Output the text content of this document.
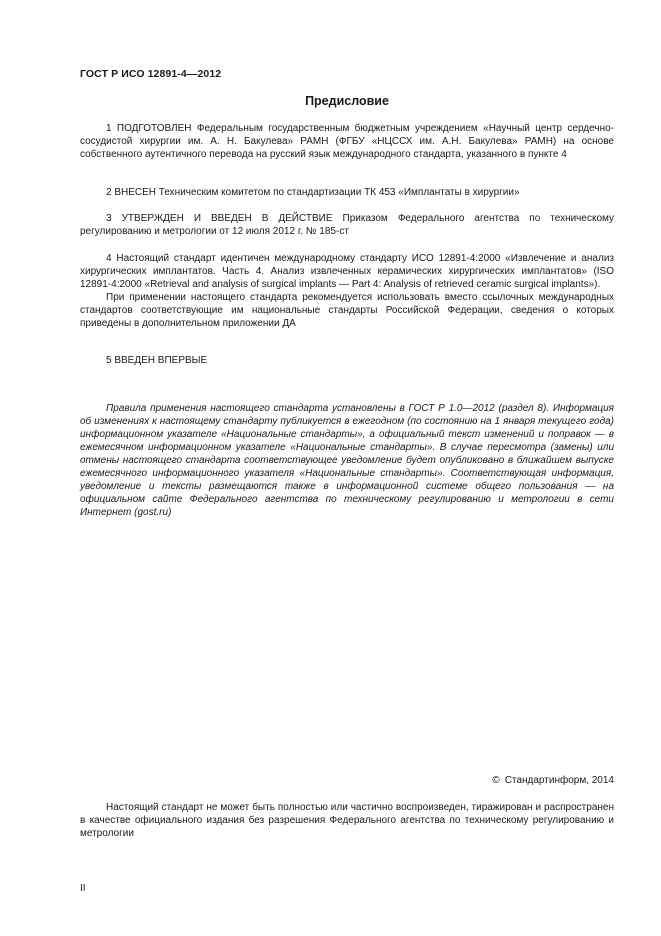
ГОСТ Р ИСО 12891-4—2012
Предисловие

1 ПОДГОТОВЛЕН Федеральным государственным бюджетным учреждением «Научный центр сердечно-сосудистой хирургии им. А. Н. Бакулева» РАМН (ФГБУ «НЦССХ им. А.Н. Бакулева» РАМН) на основе собственного аутентичного перевода на русский язык международного стандарта, указанного в пункте 4

2 ВНЕСЕН Техническим комитетом по стандартизации ТК 453 «Имплантаты в хирургии»

3 УТВЕРЖДЕН И ВВЕДЕН В ДЕЙСТВИЕ Приказом Федерального агентства по техническому регулированию и метрологии от 12 июля 2012 г. № 185-ст

4 Настоящий стандарт идентичен международному стандарту ИСО 12891-4:2000 «Извлечение и анализ хирургических имплантатов. Часть 4. Анализ извлеченных керамических хирургических имплантатов» (ISO 12891-4:2000 «Retrieval and analysis of surgical implants — Part 4: Analysis of retrieved ceramic surgical implants»).

При применении настоящего стандарта рекомендуется использовать вместо ссылочных международных стандартов соответствующие им национальные стандарты Российской Федерации, сведения о которых приведены в дополнительном приложении ДА

5 ВВЕДЕН ВПЕРВЫЕ

Правила применения настоящего стандарта установлены в ГОСТ Р 1.0—2012 (раздел 8). Информация об изменениях к настоящему стандарту публикуется в ежегодном (по состоянию на 1 января текущего года) информационном указателе «Национальные стандарты», а официальный текст изменений и поправок — в ежемесячном информационном указателе «Национальные стандарты». В случае пересмотра (замены) или отмены настоящего стандарта соответствующее уведомление будет опубликовано в ближайшем выпуске ежемесячного информационного указателя «Национальные стандарты». Соответствующая информация, уведомление и тексты размещаются также в информационной системе общего пользования — на официальном сайте Федерального агентства по техническому регулированию и метрологии в сети Интернет (gost.ru)

© Стандартинформ, 2014

Настоящий стандарт не может быть полностью или частично воспроизведен, тиражирован и распространен в качестве официального издания без разрешения Федерального агентства по техническому регулированию и метрологии

II
